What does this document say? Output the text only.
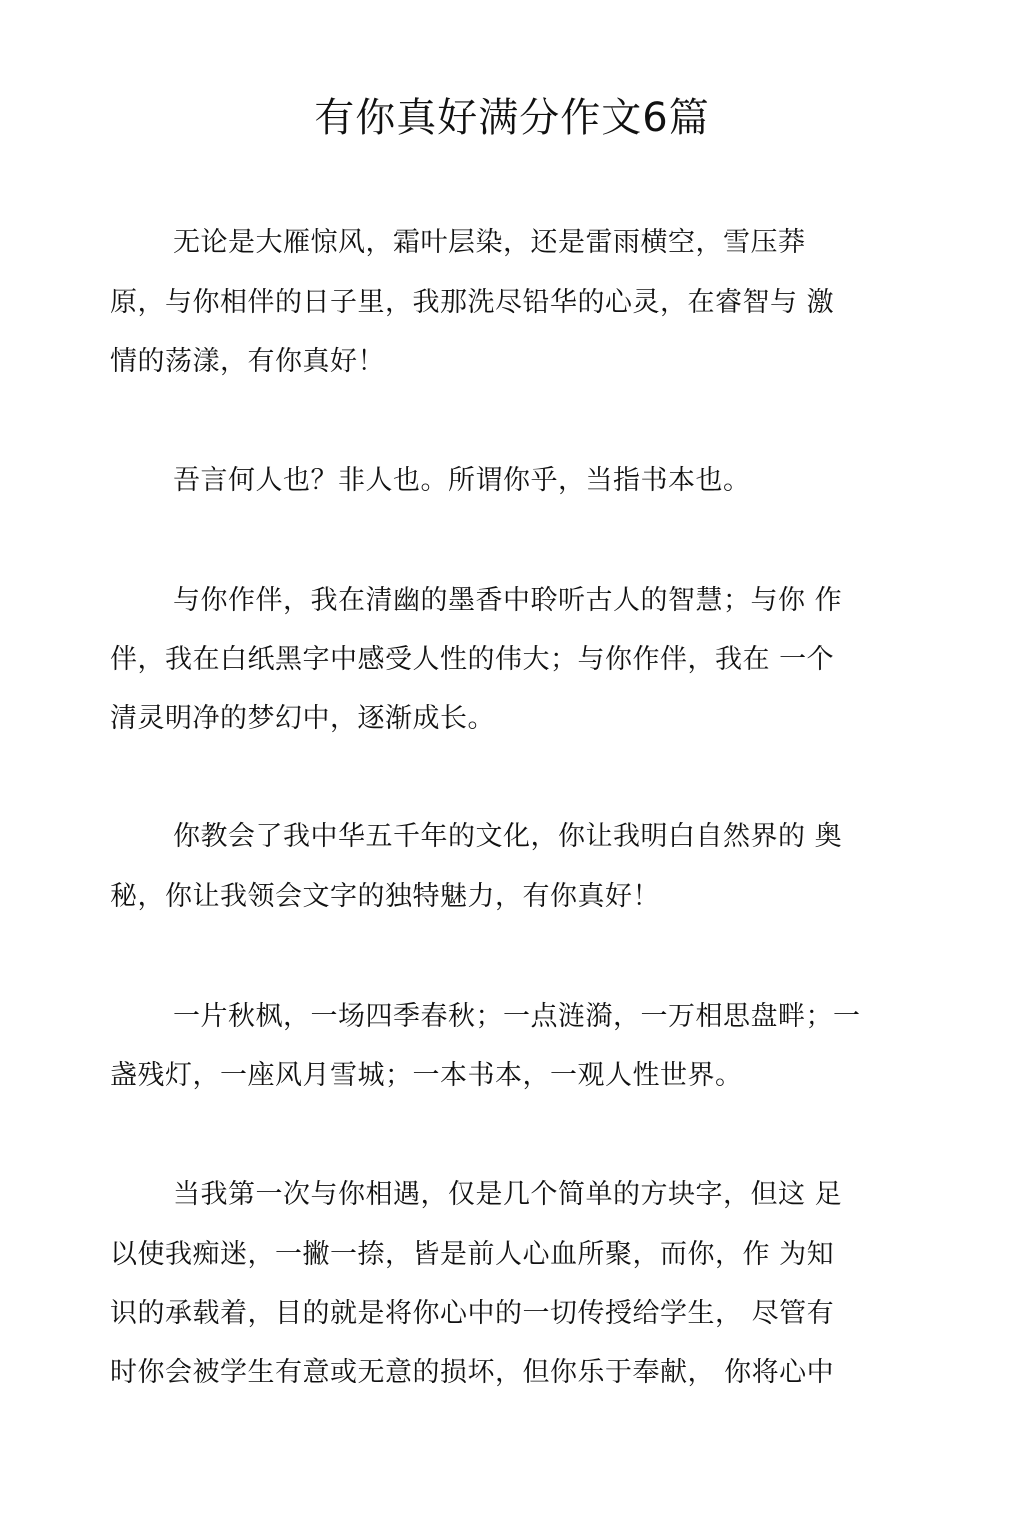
有你真好满分作文6篇

无论是大雁惊风，霜叶层染，还是雷雨横空，雪压莽

原，与你相伴的日子里，我那洗尽铅华的心灵，在睿智与 激

情的荡漾，有你真好！

吾言何人也？非人也。所谓你乎，当指书本也。

与你作伴，我在清幽的墨香中聆听古人的智慧；与你 作

伴，我在白纸黑字中感受人性的伟大；与你作伴，我在 一个

清灵明净的梦幻中，逐渐成长。

你教会了我中华五千年的文化，你让我明白自然界的 奥

秘，你让我领会文字的独特魅力，有你真好！

一片秋枫，一场四季春秋；一点涟漪，一万相思盘畔；一

盏残灯，一座风月雪城；一本书本，一观人性世界。

当我第一次与你相遇，仅是几个简单的方块字，但这 足

以使我痴迷，一撇一捺，皆是前人心血所聚，而你，作 为知

识的承载着，目的就是将你心中的一切传授给学生， 尽管有

时你会被学生有意或无意的损坏，但你乐于奉献， 你将心中
